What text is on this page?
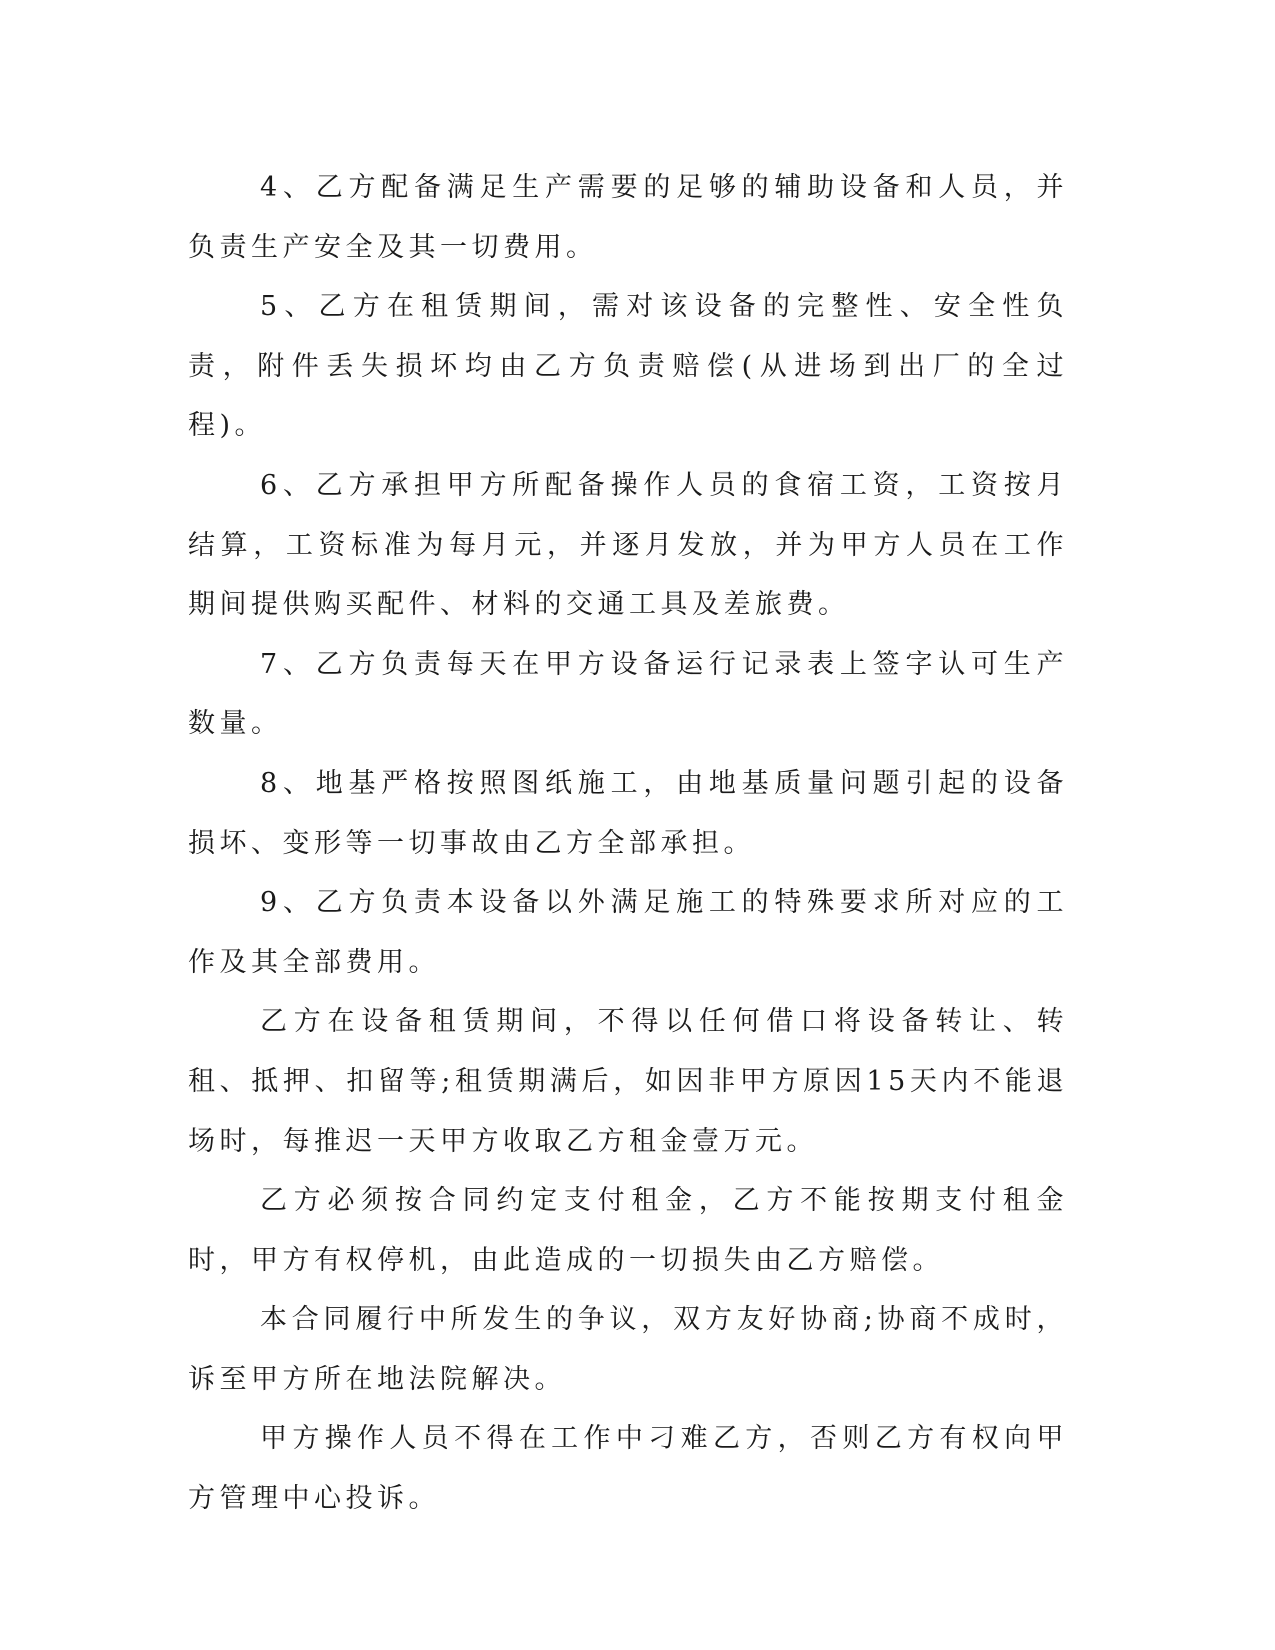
4、乙方配备满足生产需要的足够的辅助设备和人员，并负责生产安全及其一切费用。

5、乙方在租赁期间，需对该设备的完整性、安全性负责，附件丢失损坏均由乙方负责赔偿(从进场到出厂的全过程)。

6、乙方承担甲方所配备操作人员的食宿工资，工资按月结算，工资标准为每月元，并逐月发放，并为甲方人员在工作期间提供购买配件、材料的交通工具及差旅费。

7、乙方负责每天在甲方设备运行记录表上签字认可生产数量。

8、地基严格按照图纸施工，由地基质量问题引起的设备损坏、变形等一切事故由乙方全部承担。

9、乙方负责本设备以外满足施工的特殊要求所对应的工作及其全部费用。

乙方在设备租赁期间，不得以任何借口将设备转让、转租、抵押、扣留等;租赁期满后，如因非甲方原因15天内不能退场时，每推迟一天甲方收取乙方租金壹万元。

乙方必须按合同约定支付租金，乙方不能按期支付租金时，甲方有权停机，由此造成的一切损失由乙方赔偿。

本合同履行中所发生的争议，双方友好协商;协商不成时，诉至甲方所在地法院解决。

甲方操作人员不得在工作中刁难乙方，否则乙方有权向甲方管理中心投诉。
